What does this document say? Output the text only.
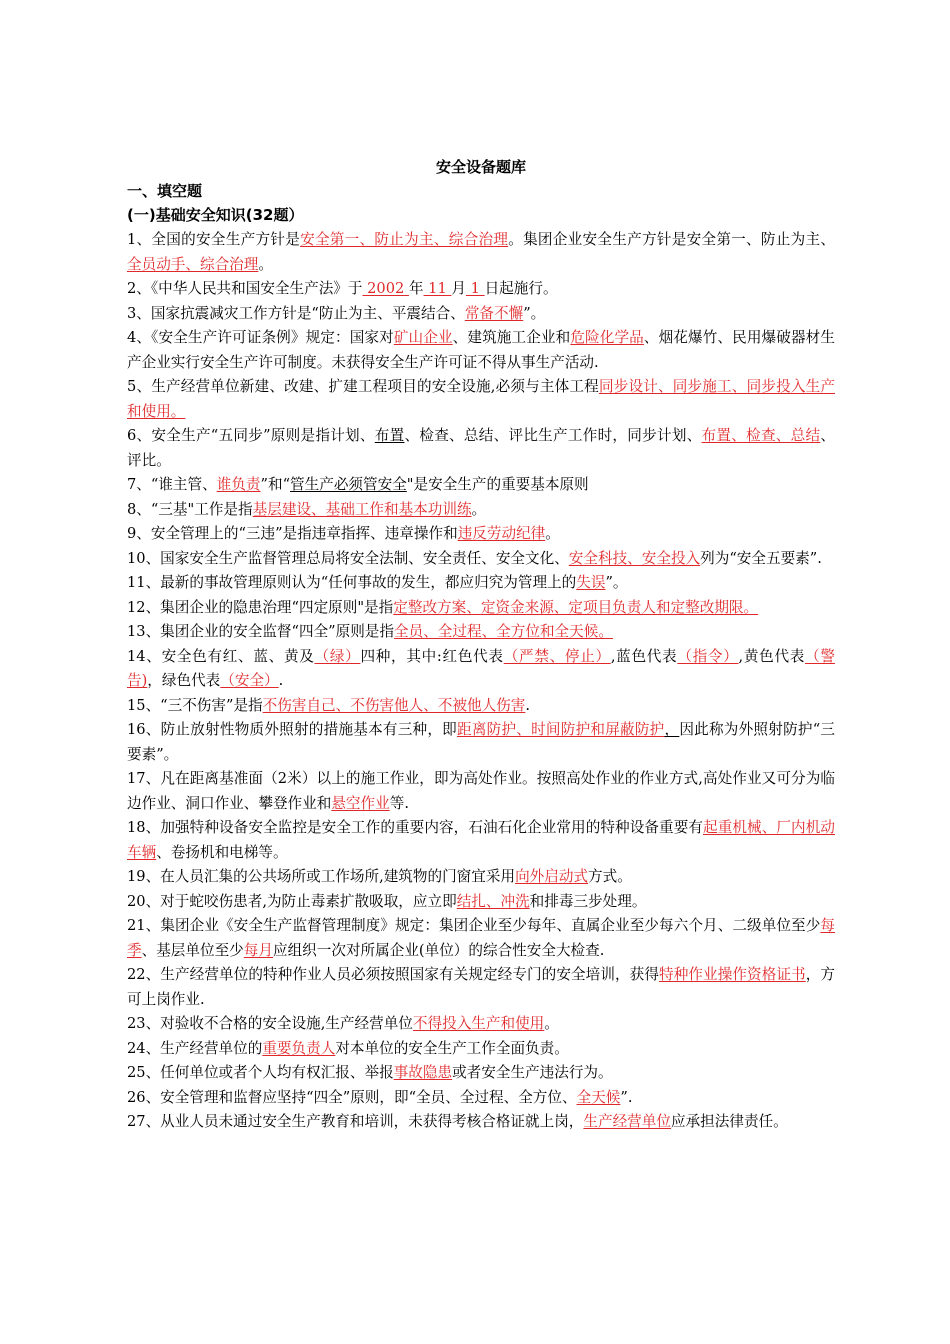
安全设备题库

一、填空题

(一)基础安全知识(32题）

1、全国的安全生产方针是安全第一、防止为主、综合治理。集团企业安全生产方针是安全第一、防止为主、全员动手、综合治理。

2、《中华人民共和国安全生产法》于 2002 年 11 月 1 日起施行。

3、国家抗震减灾工作方针是“防止为主、平震结合、常备不懈”。

4、《安全生产许可证条例》规定：国家对矿山企业、建筑施工企业和危险化学品、烟花爆竹、民用爆破器材生产企业实行安全生产许可制度。未获得安全生产许可证不得从事生产活动.

5、生产经营单位新建、改建、扩建工程项目的安全设施,必须与主体工程同步设计、同步施工、同步投入生产和使用。

6、安全生产“五同步”原则是指计划、布置、检查、总结、评比生产工作时，同步计划、布置、检查、总结、评比。

7、“谁主管、谁负责”和“管生产必须管安全"是安全生产的重要基本原则

8、“三基"工作是指基层建设、基础工作和基本功训练。

9、安全管理上的“三违”是指违章指挥、违章操作和违反劳动纪律。

10、国家安全生产监督管理总局将安全法制、安全责任、安全文化、安全科技、安全投入列为“安全五要素”.

11、最新的事故管理原则认为“任何事故的发生，都应归究为管理上的失误”。

12、集团企业的隐患治理“四定原则"是指定整改方案、定资金来源、定项目负责人和定整改期限。

13、集团企业的安全监督“四全”原则是指全员、全过程、全方位和全天候。

14、安全色有红、蓝、黄及（绿）四种，其中:红色代表（严禁、停止）,蓝色代表（指令）,黄色代表（警告)，绿色代表（安全）.

15、“三不伤害”是指不伤害自己、不伤害他人、不被他人伤害.

16、防止放射性物质外照射的措施基本有三种，即距离防护、时间防护和屏蔽防护，因此称为外照射防护“三要素”。

17、凡在距离基准面（2米）以上的施工作业，即为高处作业。按照高处作业的作业方式,高处作业又可分为临边作业、洞口作业、攀登作业和悬空作业等.

18、加强特种设备安全监控是安全工作的重要内容，石油石化企业常用的特种设备重要有起重机械、厂内机动车辆、卷扬机和电梯等。

19、在人员汇集的公共场所或工作场所,建筑物的门窗宜采用向外启动式方式。

20、对于蛇咬伤患者,为防止毒素扩散吸取，应立即结扎、冲洗和排毒三步处理。

21、集团企业《安全生产监督管理制度》规定：集团企业至少每年、直属企业至少每六个月、二级单位至少每季、基层单位至少每月应组织一次对所属企业(单位）的综合性安全大检查.

22、生产经营单位的特种作业人员必须按照国家有关规定经专门的安全培训，获得特种作业操作资格证书，方可上岗作业.

23、对验收不合格的安全设施,生产经营单位不得投入生产和使用。

24、生产经营单位的重要负责人对本单位的安全生产工作全面负责。

25、任何单位或者个人均有权汇报、举报事故隐患或者安全生产违法行为。

26、安全管理和监督应坚持“四全”原则，即“全员、全过程、全方位、全天候”.

27、从业人员未通过安全生产教育和培训，未获得考核合格证就上岗，生产经营单位应承担法律责任。
